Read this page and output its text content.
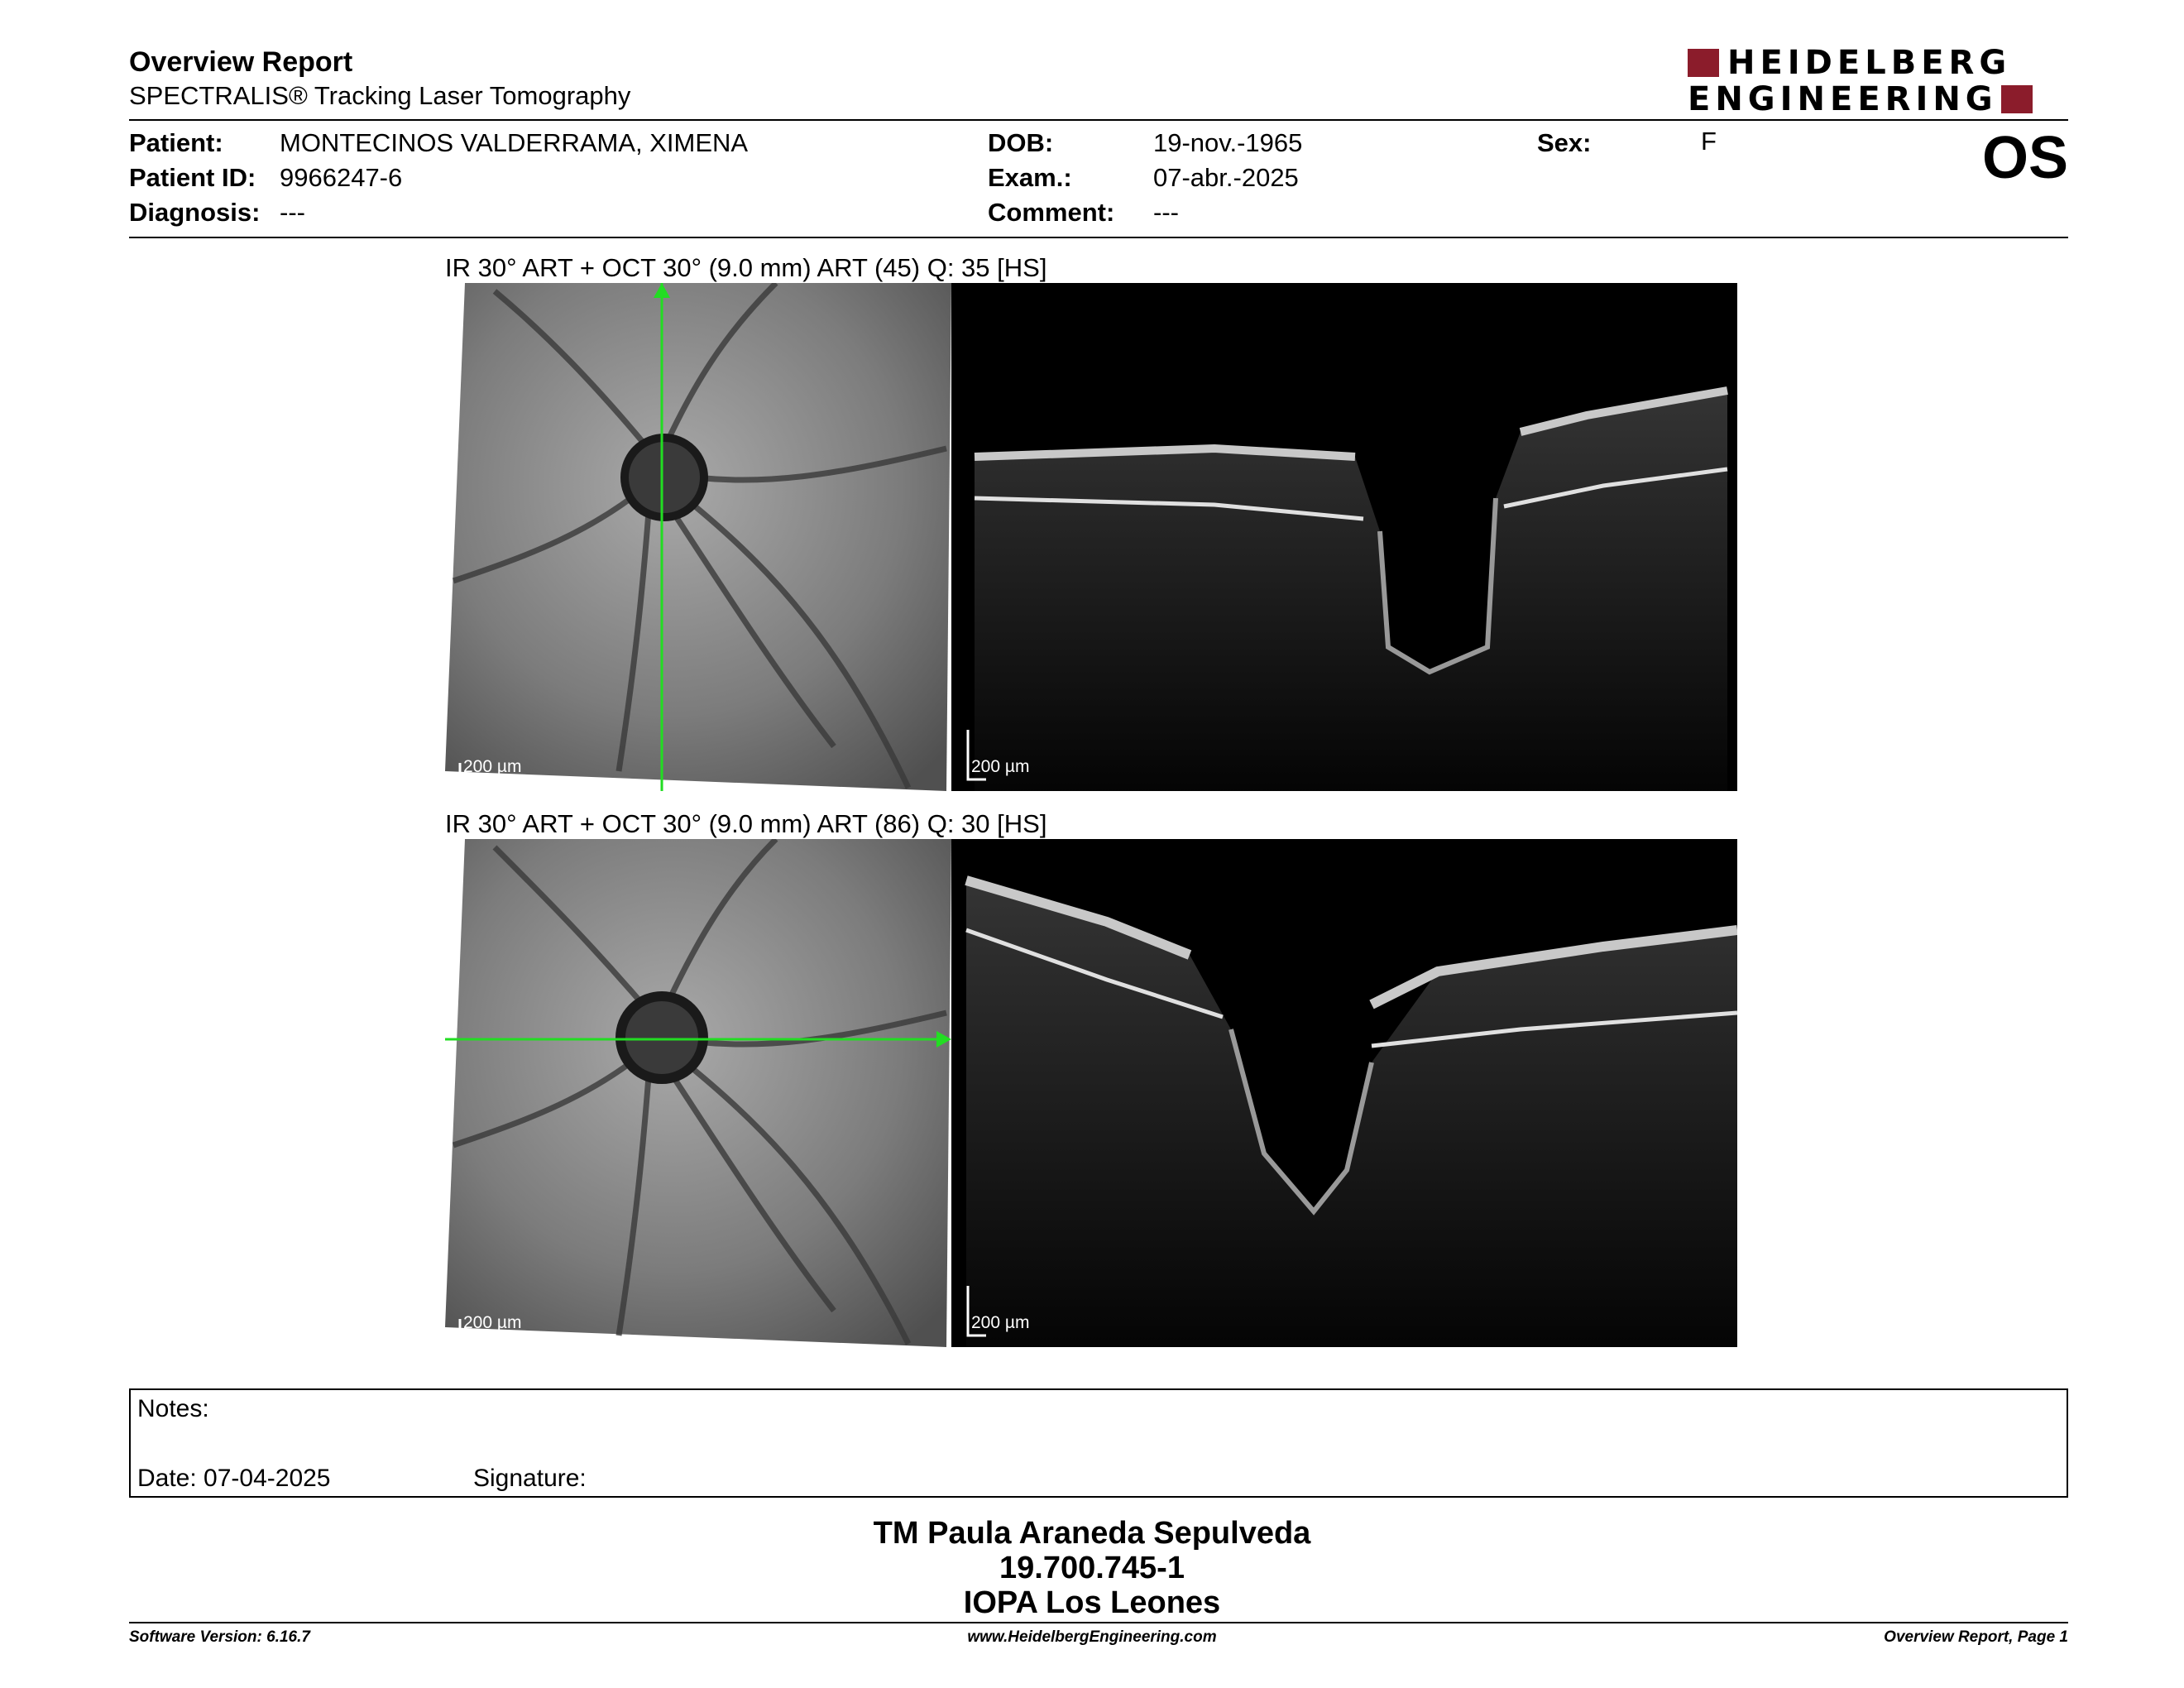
Overview Report
SPECTRALIS® Tracking Laser Tomography
HEIDELBERG
ENGINEERING
Patient: MONTECINOS VALDERRAMA, XIMENA
Patient ID: 9966247-6
Diagnosis: ---
DOB:	19-nov.-1965
Exam.:	07-abr.-2025
Comment: ---
Sex:	F	OS
IR 30° ART + OCT 30° (9.0 mm) ART (45) Q: 35 [HS]
200 µm	200 µm
IR 30° ART + OCT 30° (9.0 mm) ART (86) Q: 30 [HS]
200 µm	200 µm
Notes:
Date: 07-04-2025	Signature:
TM Paula Araneda Sepulveda
19.700.745-1
IOPA Los Leones
Software Version: 6.16.7	www.HeidelbergEngineering.com	Overview Report, Page 1
